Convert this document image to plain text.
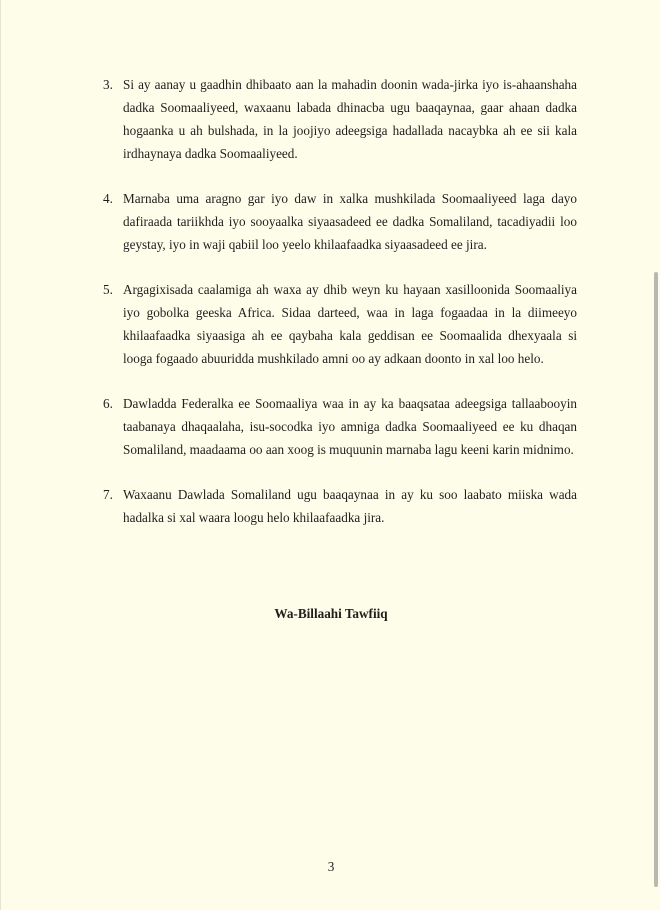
3. Si ay aanay u gaadhin dhibaato aan la mahadin doonin wada-jirka iyo is-ahaanshaha dadka Soomaaliyeed, waxaanu labada dhinacba ugu baaqaynaa, gaar ahaan dadka hogaanka u ah bulshada, in la joojiyo adeegsiga hadallada nacaybka ah ee sii kala irdhaynaya dadka Soomaaliyeed.
4. Marnaba uma aragno gar iyo daw in xalka mushkilada Soomaaliyeed laga dayo dafiraada tariikhda iyo sooyaalka siyaasadeed ee dadka Somaliland, tacadiyadii loo geystay, iyo in waji qabiil loo yeelo khilaafaadka siyaasadeed ee jira.
5. Argagixisada caalamiga ah waxa ay dhib weyn ku hayaan xasilloonida Soomaaliya iyo gobolka geeska Africa. Sidaa darteed, waa in laga fogaadaa in la diimeeyo khilaafaadka siyaasiga ah ee qaybaha kala geddisan ee Soomaalida dhexyaala si looga fogaado abuuridda mushkilado amni oo ay adkaan doonto in xal loo helo.
6. Dawladda Federalka ee Soomaaliya waa in ay ka baaqsataa adeegsiga tallaabooyin taabanaya dhaqaalaha, isu-socodka iyo amniga dadka Soomaaliyeed ee ku dhaqan Somaliland, maadaama oo aan xoog is muquunin marnaba lagu keeni karin midnimo.
7. Waxaanu Dawlada Somaliland ugu baaqaynaa in ay ku soo laabato miiska wada hadalka si xal waara loogu helo khilaafaadka jira.
Wa-Billaahi Tawfiiq
3
